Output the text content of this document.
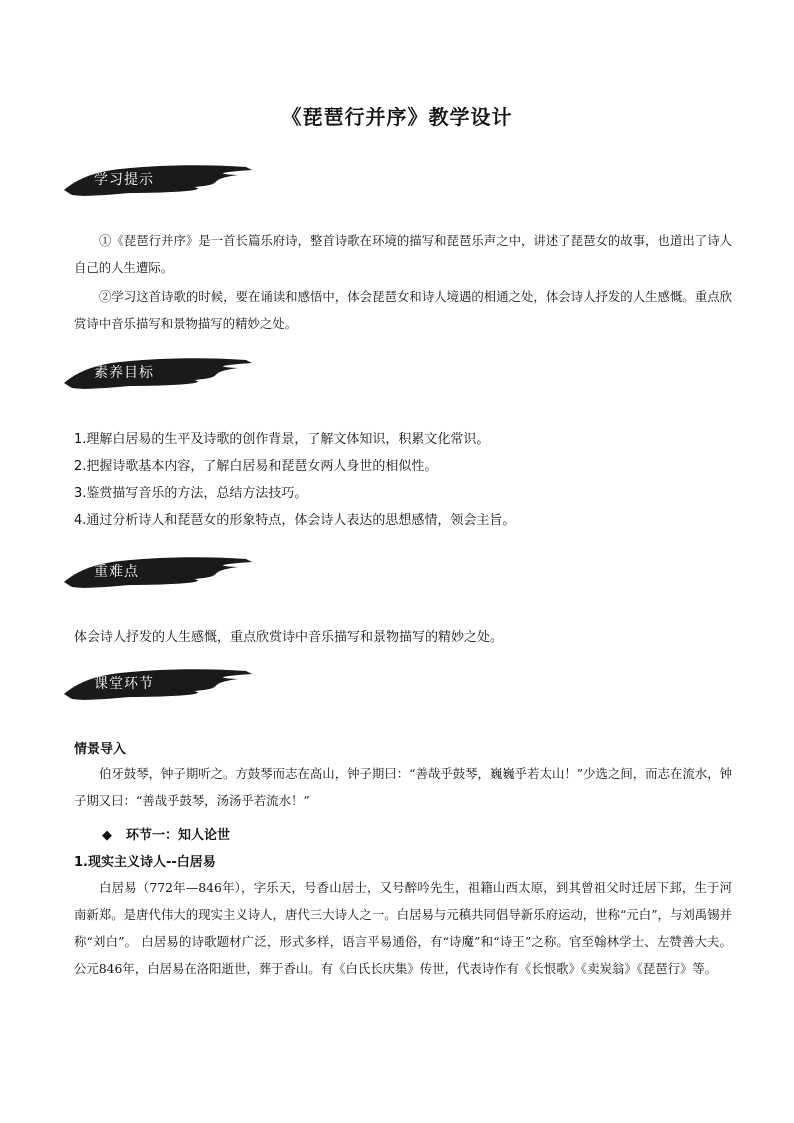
《琵琶行并序》教学设计
学习提示

①《琵琶行并序》是一首长篇乐府诗，整首诗歌在环境的描写和琵琶乐声之中，讲述了琵琶女的故事，也道出了诗人自己的人生遭际。

②学习这首诗歌的时候，要在诵读和感悟中，体会琵琶女和诗人境遇的相通之处，体会诗人抒发的人生感慨。重点欣赏诗中音乐描写和景物描写的精妙之处。

素养目标
1.理解白居易的生平及诗歌的创作背景，了解文体知识，积累文化常识。
2.把握诗歌基本内容，了解白居易和琵琶女两人身世的相似性。
3.鉴赏描写音乐的方法，总结方法技巧。
4.通过分析诗人和琵琶女的形象特点，体会诗人表达的思想感情，领会主旨。
重难点
体会诗人抒发的人生感慨，重点欣赏诗中音乐描写和景物描写的精妙之处。
课堂环节
情景导入

伯牙鼓琴，钟子期听之。方鼓琴而志在高山，钟子期曰：“善哉乎鼓琴，巍巍乎若太山！”少选之间，而志在流水，钟子期又曰：“善哉乎鼓琴，汤汤乎若流水！”

◆ 环节一：知人论世
1.现实主义诗人--白居易

白居易（772年—846年），字乐天，号香山居士，又号醉吟先生，祖籍山西太原，到其曾祖父时迁居下邽，生于河南新郑。是唐代伟大的现实主义诗人，唐代三大诗人之一。白居易与元稹共同倡导新乐府运动，世称“元白”，与刘禹锡并称“刘白”。 白居易的诗歌题材广泛，形式多样，语言平易通俗，有“诗魔”和“诗王”之称。官至翰林学士、左赞善大夫。公元846年，白居易在洛阳逝世，葬于香山。有《白氏长庆集》传世，代表诗作有《长恨歌》《卖炭翁》《琵琶行》等。
